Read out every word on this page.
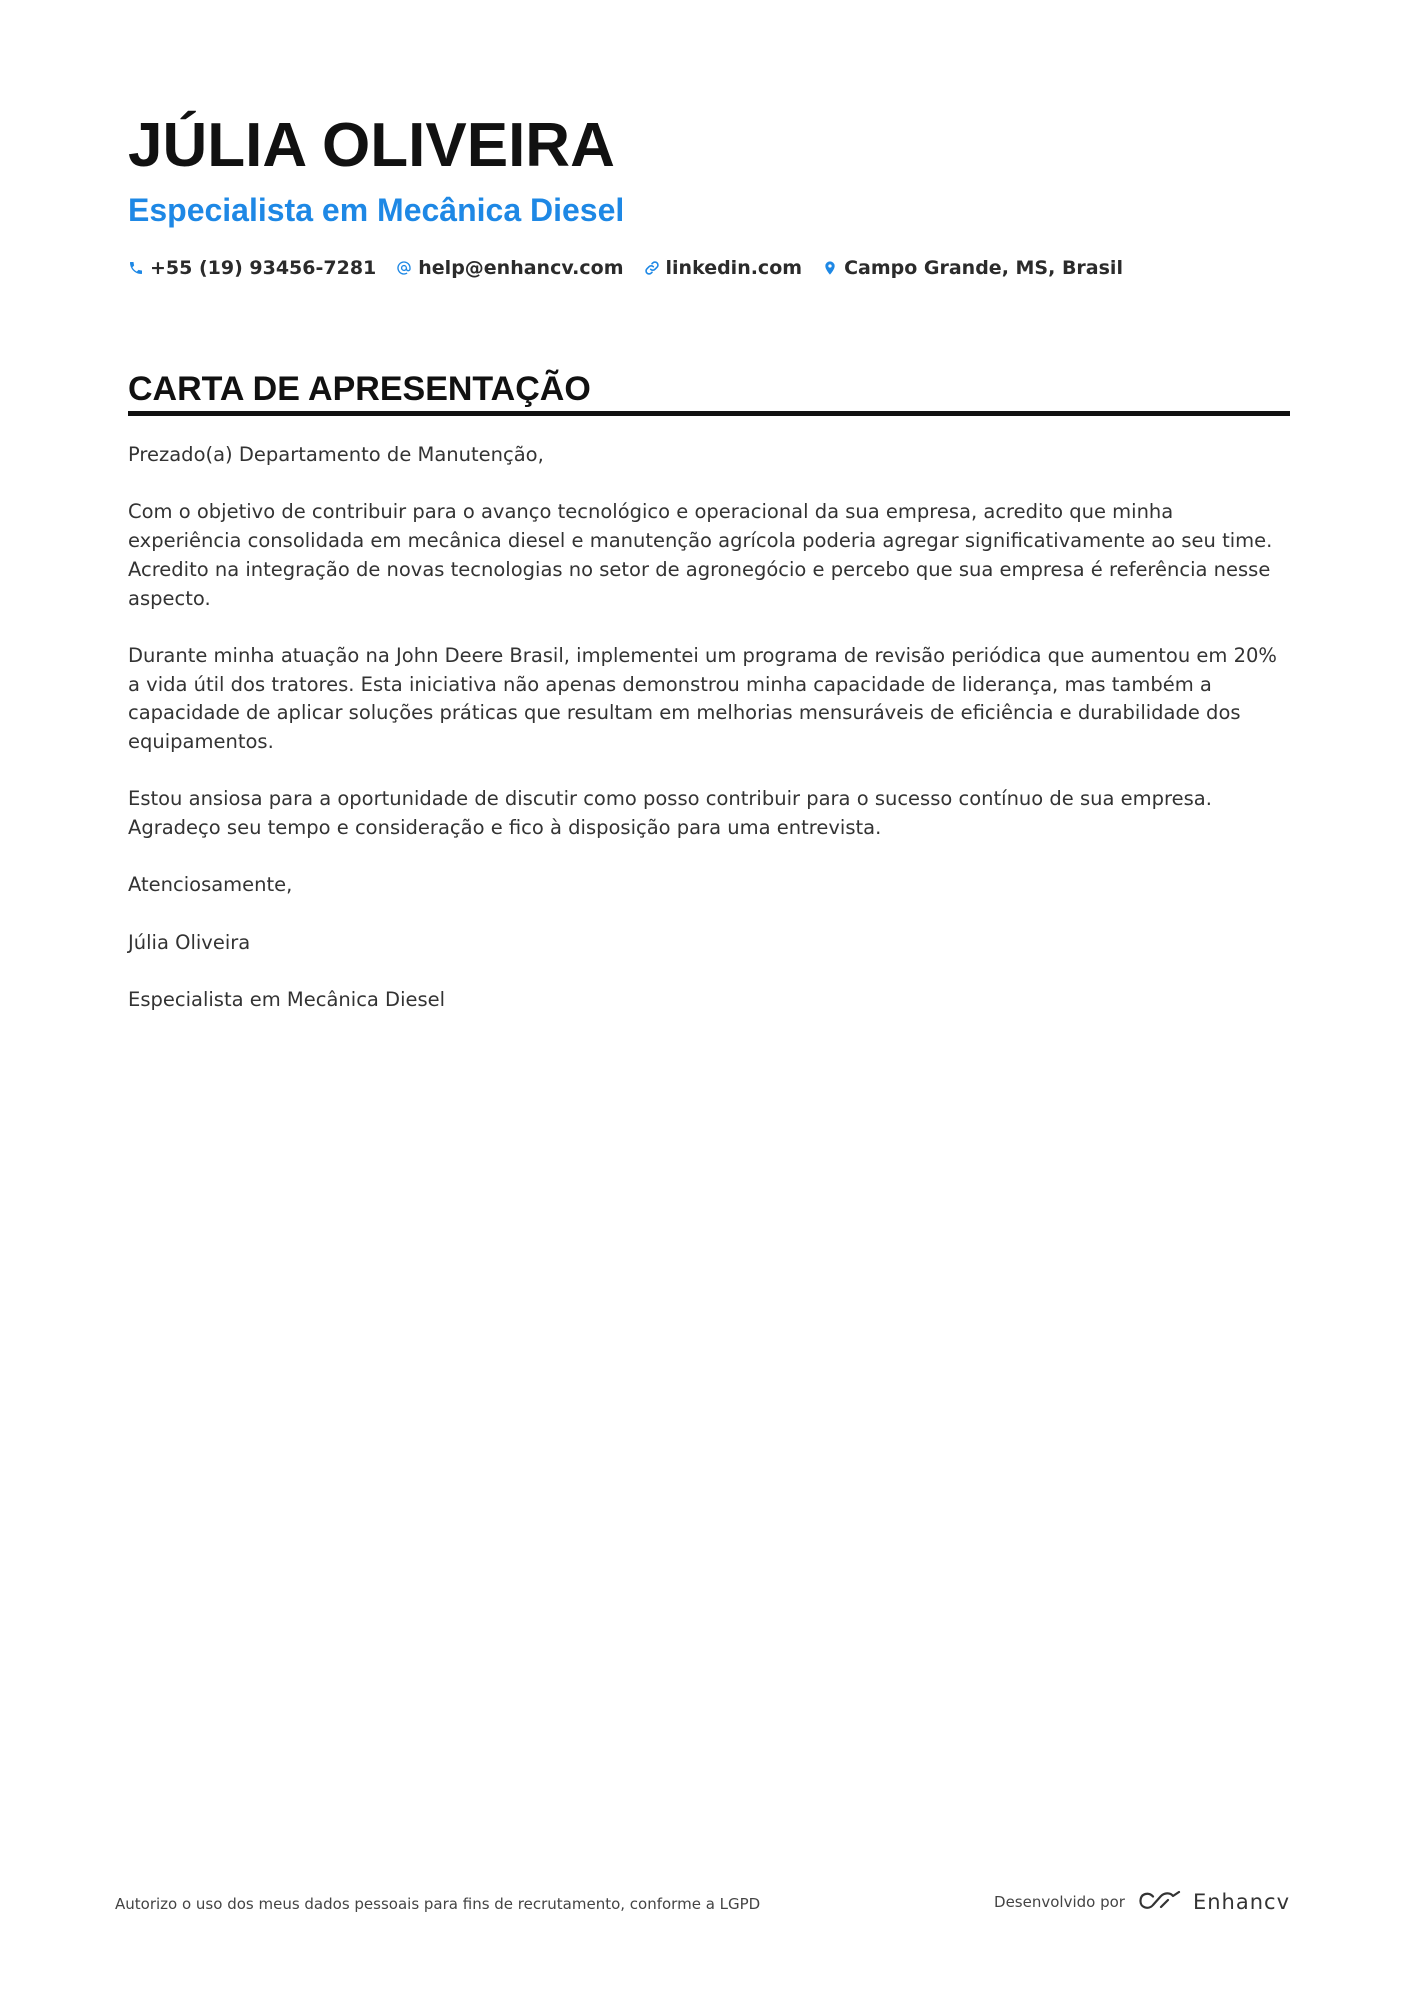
JÚLIA OLIVEIRA
Especialista em Mecânica Diesel
+55 (19) 93456-7281 help@enhancv.com linkedin.com Campo Grande, MS, Brasil
CARTA DE APRESENTAÇÃO

Prezado(a) Departamento de Manutenção,

Com o objetivo de contribuir para o avanço tecnológico e operacional da sua empresa, acredito que minha experiência consolidada em mecânica diesel e manutenção agrícola poderia agregar significativamente ao seu time. Acredito na integração de novas tecnologias no setor de agronegócio e percebo que sua empresa é referência nesse aspecto.

Durante minha atuação na John Deere Brasil, implementei um programa de revisão periódica que aumentou em 20% a vida útil dos tratores. Esta iniciativa não apenas demonstrou minha capacidade de liderança, mas também a capacidade de aplicar soluções práticas que resultam em melhorias mensuráveis de eficiência e durabilidade dos equipamentos.

Estou ansiosa para a oportunidade de discutir como posso contribuir para o sucesso contínuo de sua empresa. Agradeço seu tempo e consideração e fico à disposição para uma entrevista.

Atenciosamente,

Júlia Oliveira

Especialista em Mecânica Diesel

Autorizo o uso dos meus dados pessoais para fins de recrutamento, conforme a LGPD	Desenvolvido por	Enhancv
